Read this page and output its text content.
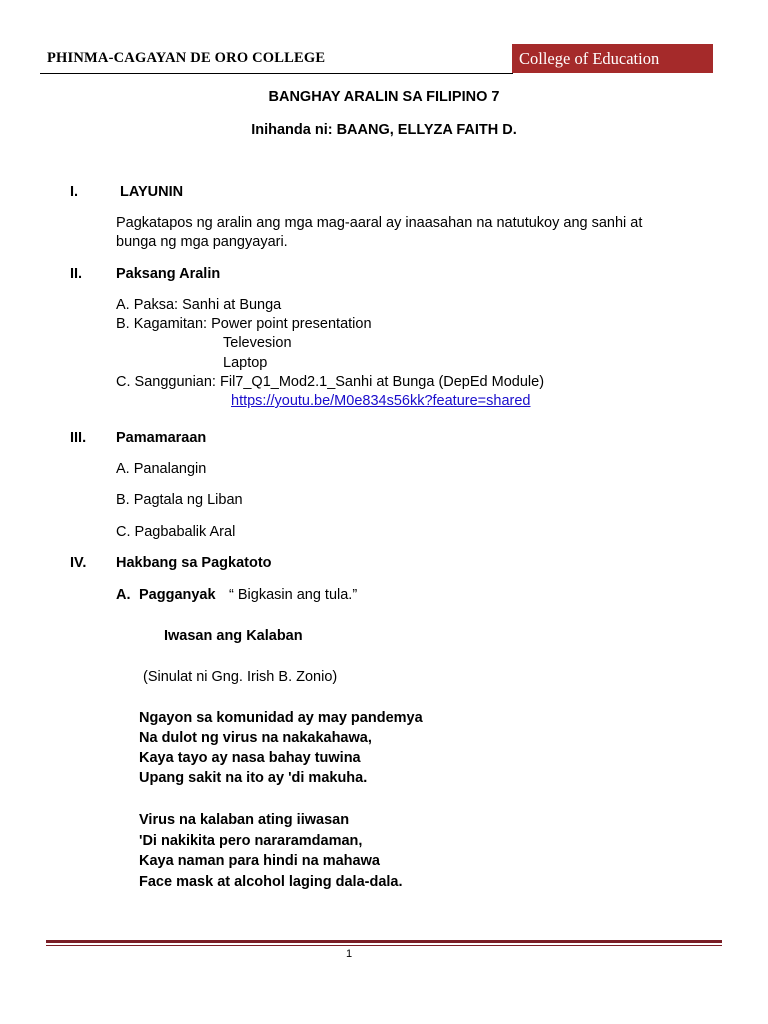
PHINMA-CAGAYAN DE ORO COLLEGE	College of Education
BANGHAY ARALIN SA FILIPINO 7
Inihanda ni: BAANG, ELLYZA FAITH D.
I.	LAYUNIN
Pagkatapos ng aralin ang mga mag-aaral ay inaasahan na natutukoy ang sanhi at
bunga ng mga pangyayari.
II. Paksang Aralin
A. Paksa: Sanhi at Bunga
B. Kagamitan: Power point presentation
Televesion
Laptop
C. Sanggunian: Fil7_Q1_Mod2.1_Sanhi at Bunga (DepEd Module)
https://youtu.be/M0e834s56kk?feature=shared
III. Pamamaraan
A. Panalangin
B. Pagtala ng Liban
C. Pagbabalik Aral
IV. Hakbang sa Pagkatoto
A. Pagganyak “ Bigkasin ang tula.”
Iwasan ang Kalaban
(Sinulat ni Gng. Irish B. Zonio)
Ngayon sa komunidad ay may pandemya
Na dulot ng virus na nakakahawa,
Kaya tayo ay nasa bahay tuwina
Upang sakit na ito ay 'di makuha.
Virus na kalaban ating iiwasan
'Di nakikita pero nararamdaman,
Kaya naman para hindi na mahawa
Face mask at alcohol laging dala-dala.
1
